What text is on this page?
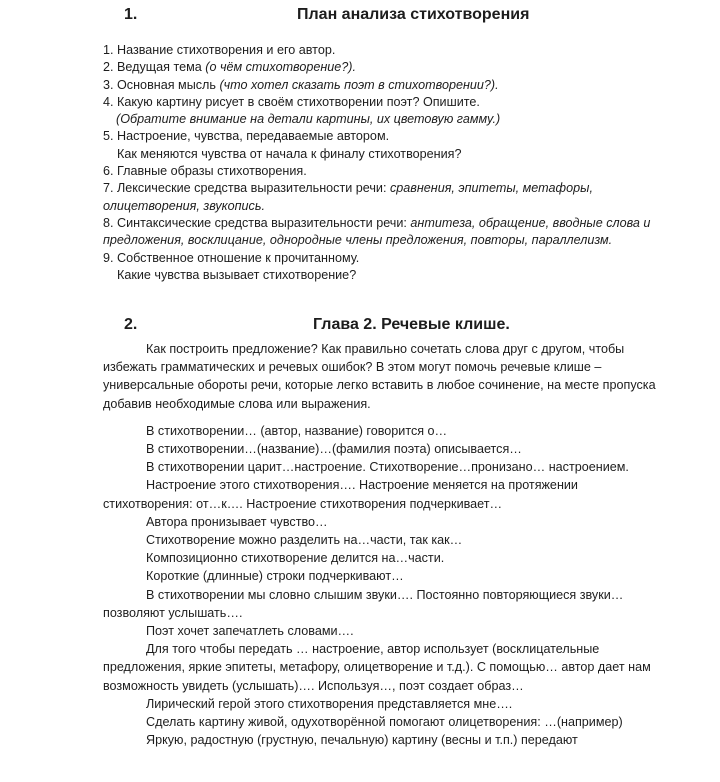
1.	План анализа стихотворения
1. Название стихотворения и его автор.
2. Ведущая тема (о чём стихотворение?).
3. Основная мысль (что хотел сказать поэт в стихотворении?).
4. Какую картину рисует в своём стихотворении поэт? Опишите.
(Обратите внимание на детали картины, их цветовую гамму.)
5. Настроение, чувства, передаваемые автором.
Как меняются чувства от начала к финалу стихотворения?
6. Главные образы стихотворения.
7. Лексические средства выразительности речи: сравнения, эпитеты, метафоры, олицетворения, звукопись.
8. Синтаксические средства выразительности речи: антитеза, обращение, вводные слова и предложения, восклицание, однородные члены предложения, повторы, параллелизм.
9. Собственное отношение к прочитанному.
Какие чувства вызывает стихотворение?
2.	Глава 2. Речевые клише.

Как построить предложение? Как правильно сочетать слова друг с другом, чтобы избежать грамматических и речевых ошибок? В этом могут помочь речевые клише – универсальные обороты речи, которые легко вставить в любое сочинение, на месте пропуска добавив необходимые слова или выражения.

В стихотворении… (автор, название) говорится о…

В стихотворении…(название)…(фамилия поэта) описывается…

В стихотворении царит…настроение. Стихотворение…пронизано… настроением.

Настроение этого стихотворения…. Настроение меняется на протяжении стихотворения: от…к…. Настроение стихотворения подчеркивает…

Автора пронизывает чувство…

Стихотворение можно разделить на…части, так как…

Композиционно стихотворение делится на…части.

Короткие (длинные) строки подчеркивают…

В стихотворении мы словно слышим звуки…. Постоянно повторяющиеся звуки… позволяют услышать….

Поэт хочет запечатлеть словами….

Для того чтобы передать … настроение, автор использует (восклицательные предложения, яркие эпитеты, метафору, олицетворение и т.д.). С помощью… автор дает нам возможность увидеть (услышать)…. Используя…, поэт создает образ…

Лирический герой этого стихотворения представляется мне….

Сделать картину живой, одухотворённой помогают олицетворения: …(например)

Яркую, радостную (грустную, печальную) картину (весны и т.п.) передают
